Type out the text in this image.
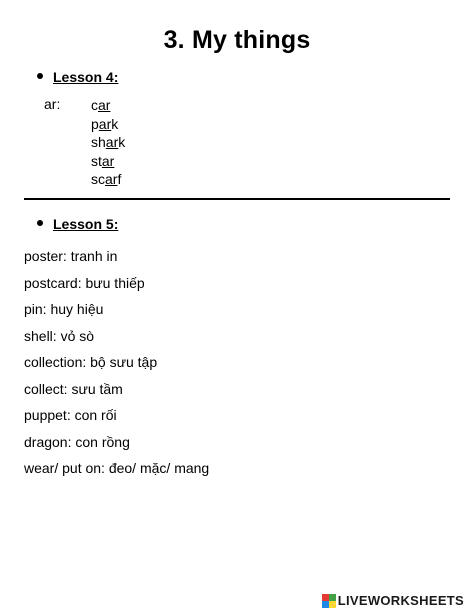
3. My things
Lesson 4:
ar: car
park
shark
star
scarf
Lesson 5:
poster: tranh in
postcard: bưu thiếp
pin: huy hiệu
shell: vỏ sò
collection: bộ sưu tập
collect: sưu tầm
puppet: con rối
dragon: con rồng
wear/ put on: đeo/ mặc/ mang
LIVEWORKSHEETS
